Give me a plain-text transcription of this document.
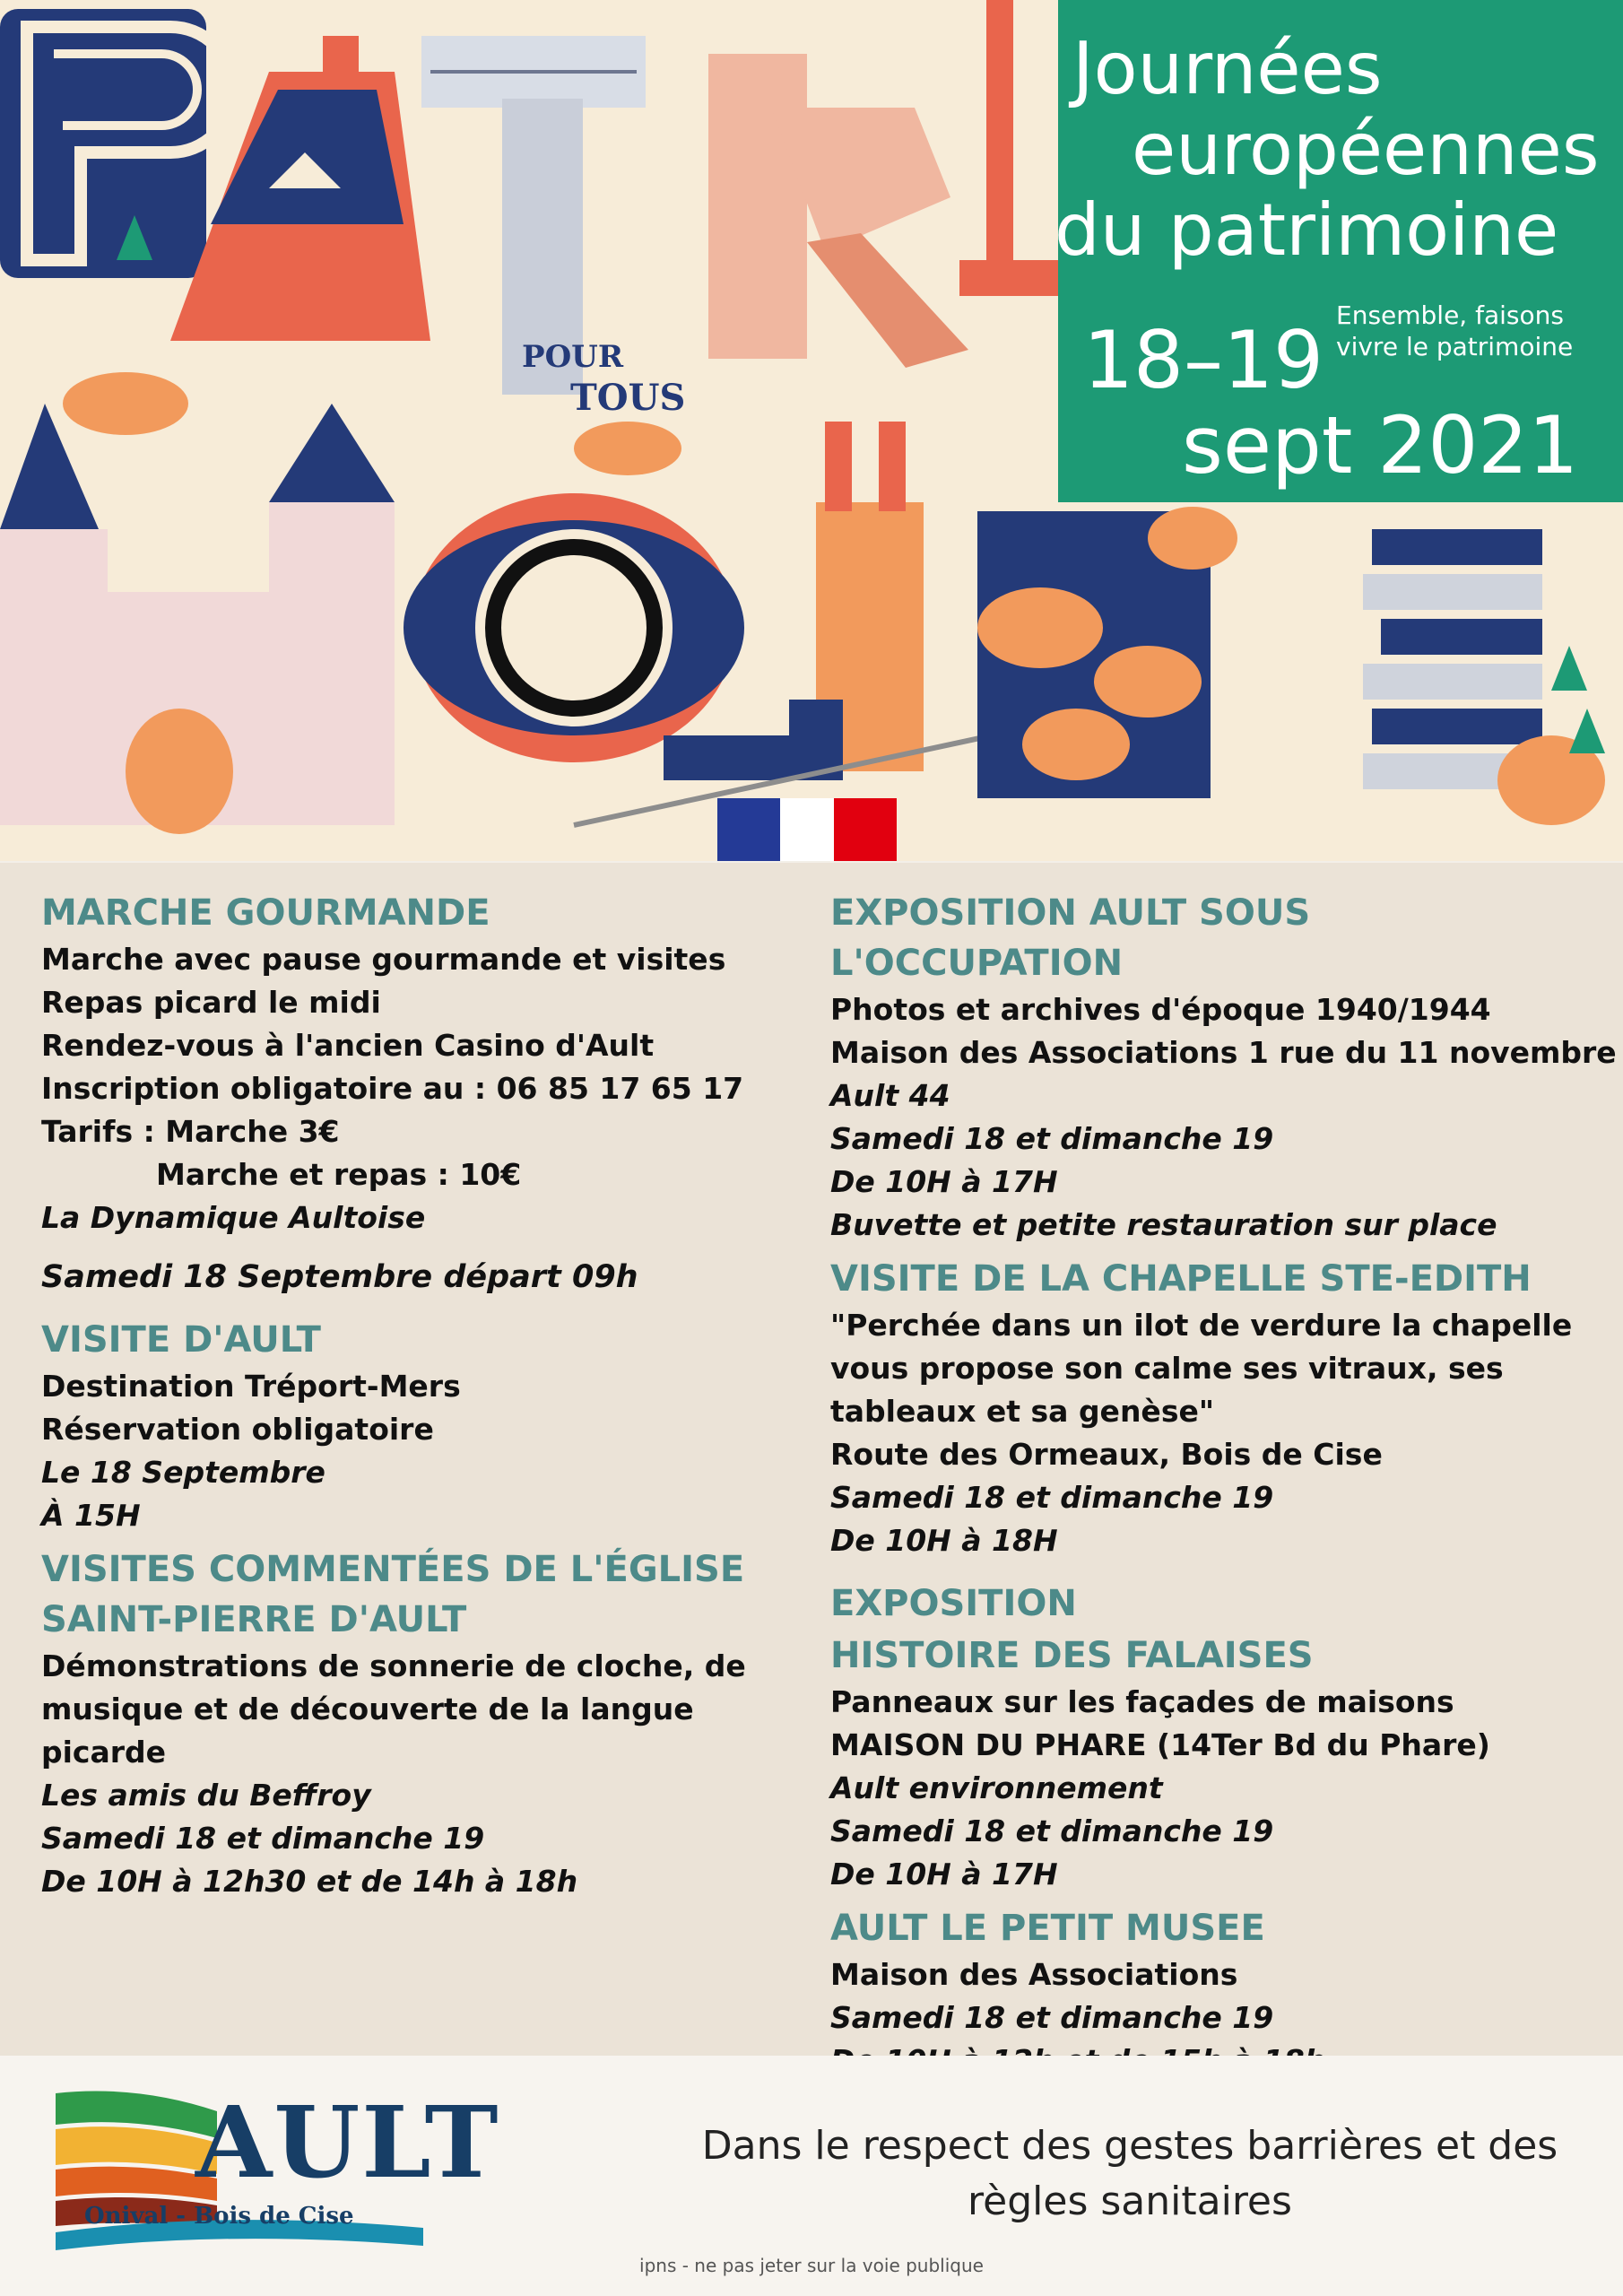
POUR
TOUS
Journées
européennes
du patrimoine
18–19
sept 2021
Ensemble, faisons
vivre le patrimoine

MARCHE GOURMANDE

Marche avec pause gourmande et visites

Repas picard le midi

Rendez-vous à l'ancien Casino d'Ault

Inscription obligatoire au : 06 85 17 65 17

Tarifs : Marche 3€

Marche et repas : 10€

La Dynamique Aultoise

Samedi 18 Septembre départ 09h

VISITE D'AULT

Destination Tréport-Mers

Réservation obligatoire

Le 18 Septembre

À 15H

VISITES COMMENTÉES DE L'ÉGLISE SAINT-PIERRE D'AULT

Démonstrations de sonnerie de cloche, de musique et de découverte de la langue picarde

Les amis du Beffroy

Samedi 18 et dimanche 19

De 10H à 12h30 et de 14h à 18h

EXPOSITION AULT SOUS L'OCCUPATION

Photos et archives d'époque 1940/1944

Maison des Associations 1 rue du 11 novembre

Ault 44

Samedi 18 et dimanche 19

De 10H à 17H

Buvette et petite restauration sur place

VISITE DE LA CHAPELLE STE-EDITH

"Perchée dans un ilot de verdure la chapelle vous propose son calme ses vitraux, ses tableaux et sa genèse"

Route des Ormeaux, Bois de Cise

Samedi 18 et dimanche 19

De 10H à 18H

EXPOSITION

HISTOIRE DES FALAISES

Panneaux sur les façades de maisons

MAISON DU PHARE (14Ter Bd du Phare)

Ault environnement

Samedi 18 et dimanche 19

De 10H à 17H

AULT LE PETIT MUSEE

Maison des Associations

Samedi 18 et dimanche 19

AULT
Onival - Bois de Cise
Dans le respect des gestes barrières et des règles sanitaires
ipns - ne pas jeter sur la voie publique
